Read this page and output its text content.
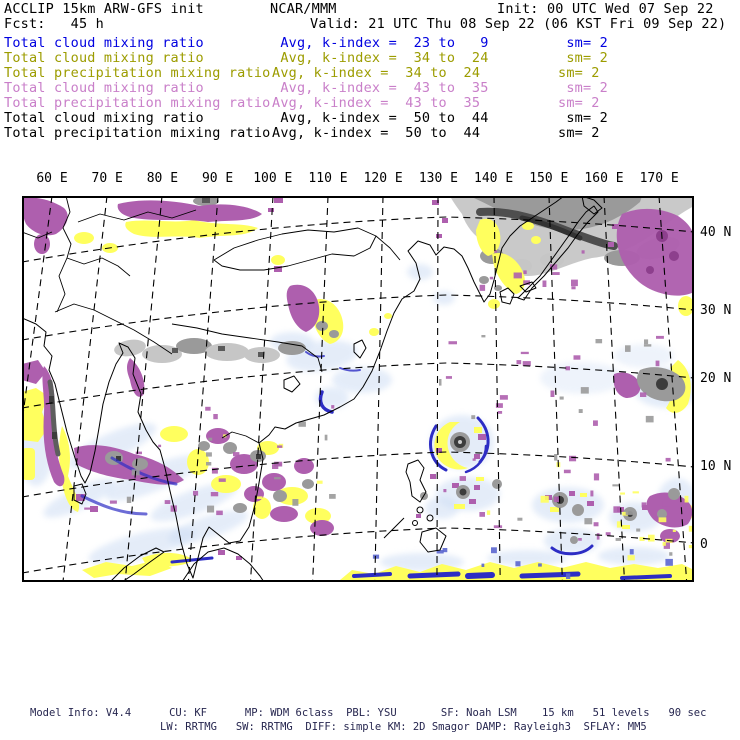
ACCLIP 15km ARW-GFS init	NCAR/MMM	Init: 00 UTC Wed 07 Sep 22
Fcst:   45 h	Valid: 21 UTC Thu 08 Sep 22 (06 KST Fri 09 Sep 22)
Total cloud mixing ratio	Avg, k-index =  23 to   9	sm= 2
Total cloud mixing ratio	Avg, k-index =  34 to  24	sm= 2
Total precipitation mixing ratio Avg, k-index =  34 to  24	sm= 2
Total cloud mixing ratio	Avg, k-index =  43 to  35	sm= 2
Total precipitation mixing ratio Avg, k-index =  43 to  35	sm= 2
Total cloud mixing ratio	Avg, k-index =  50 to  44	sm= 2
Total precipitation mixing ratio Avg, k-index =  50 to  44	sm= 2
60 E	70 E	80 E	90 E	100 E	110 E	120 E	130 E	140 E	150 E	160 E	170 E
40 N
30 N
20 N
10 N
0
Model Info: V4.4      CU: KF      MP: WDM 6class  PBL: YSU       SF: Noah LSM    15 km   51 levels   90 sec
LW: RRTMG   SW: RRTMG  DIFF: simple KM: 2D Smagor DAMP: Rayleigh3  SFLAY: MM5
